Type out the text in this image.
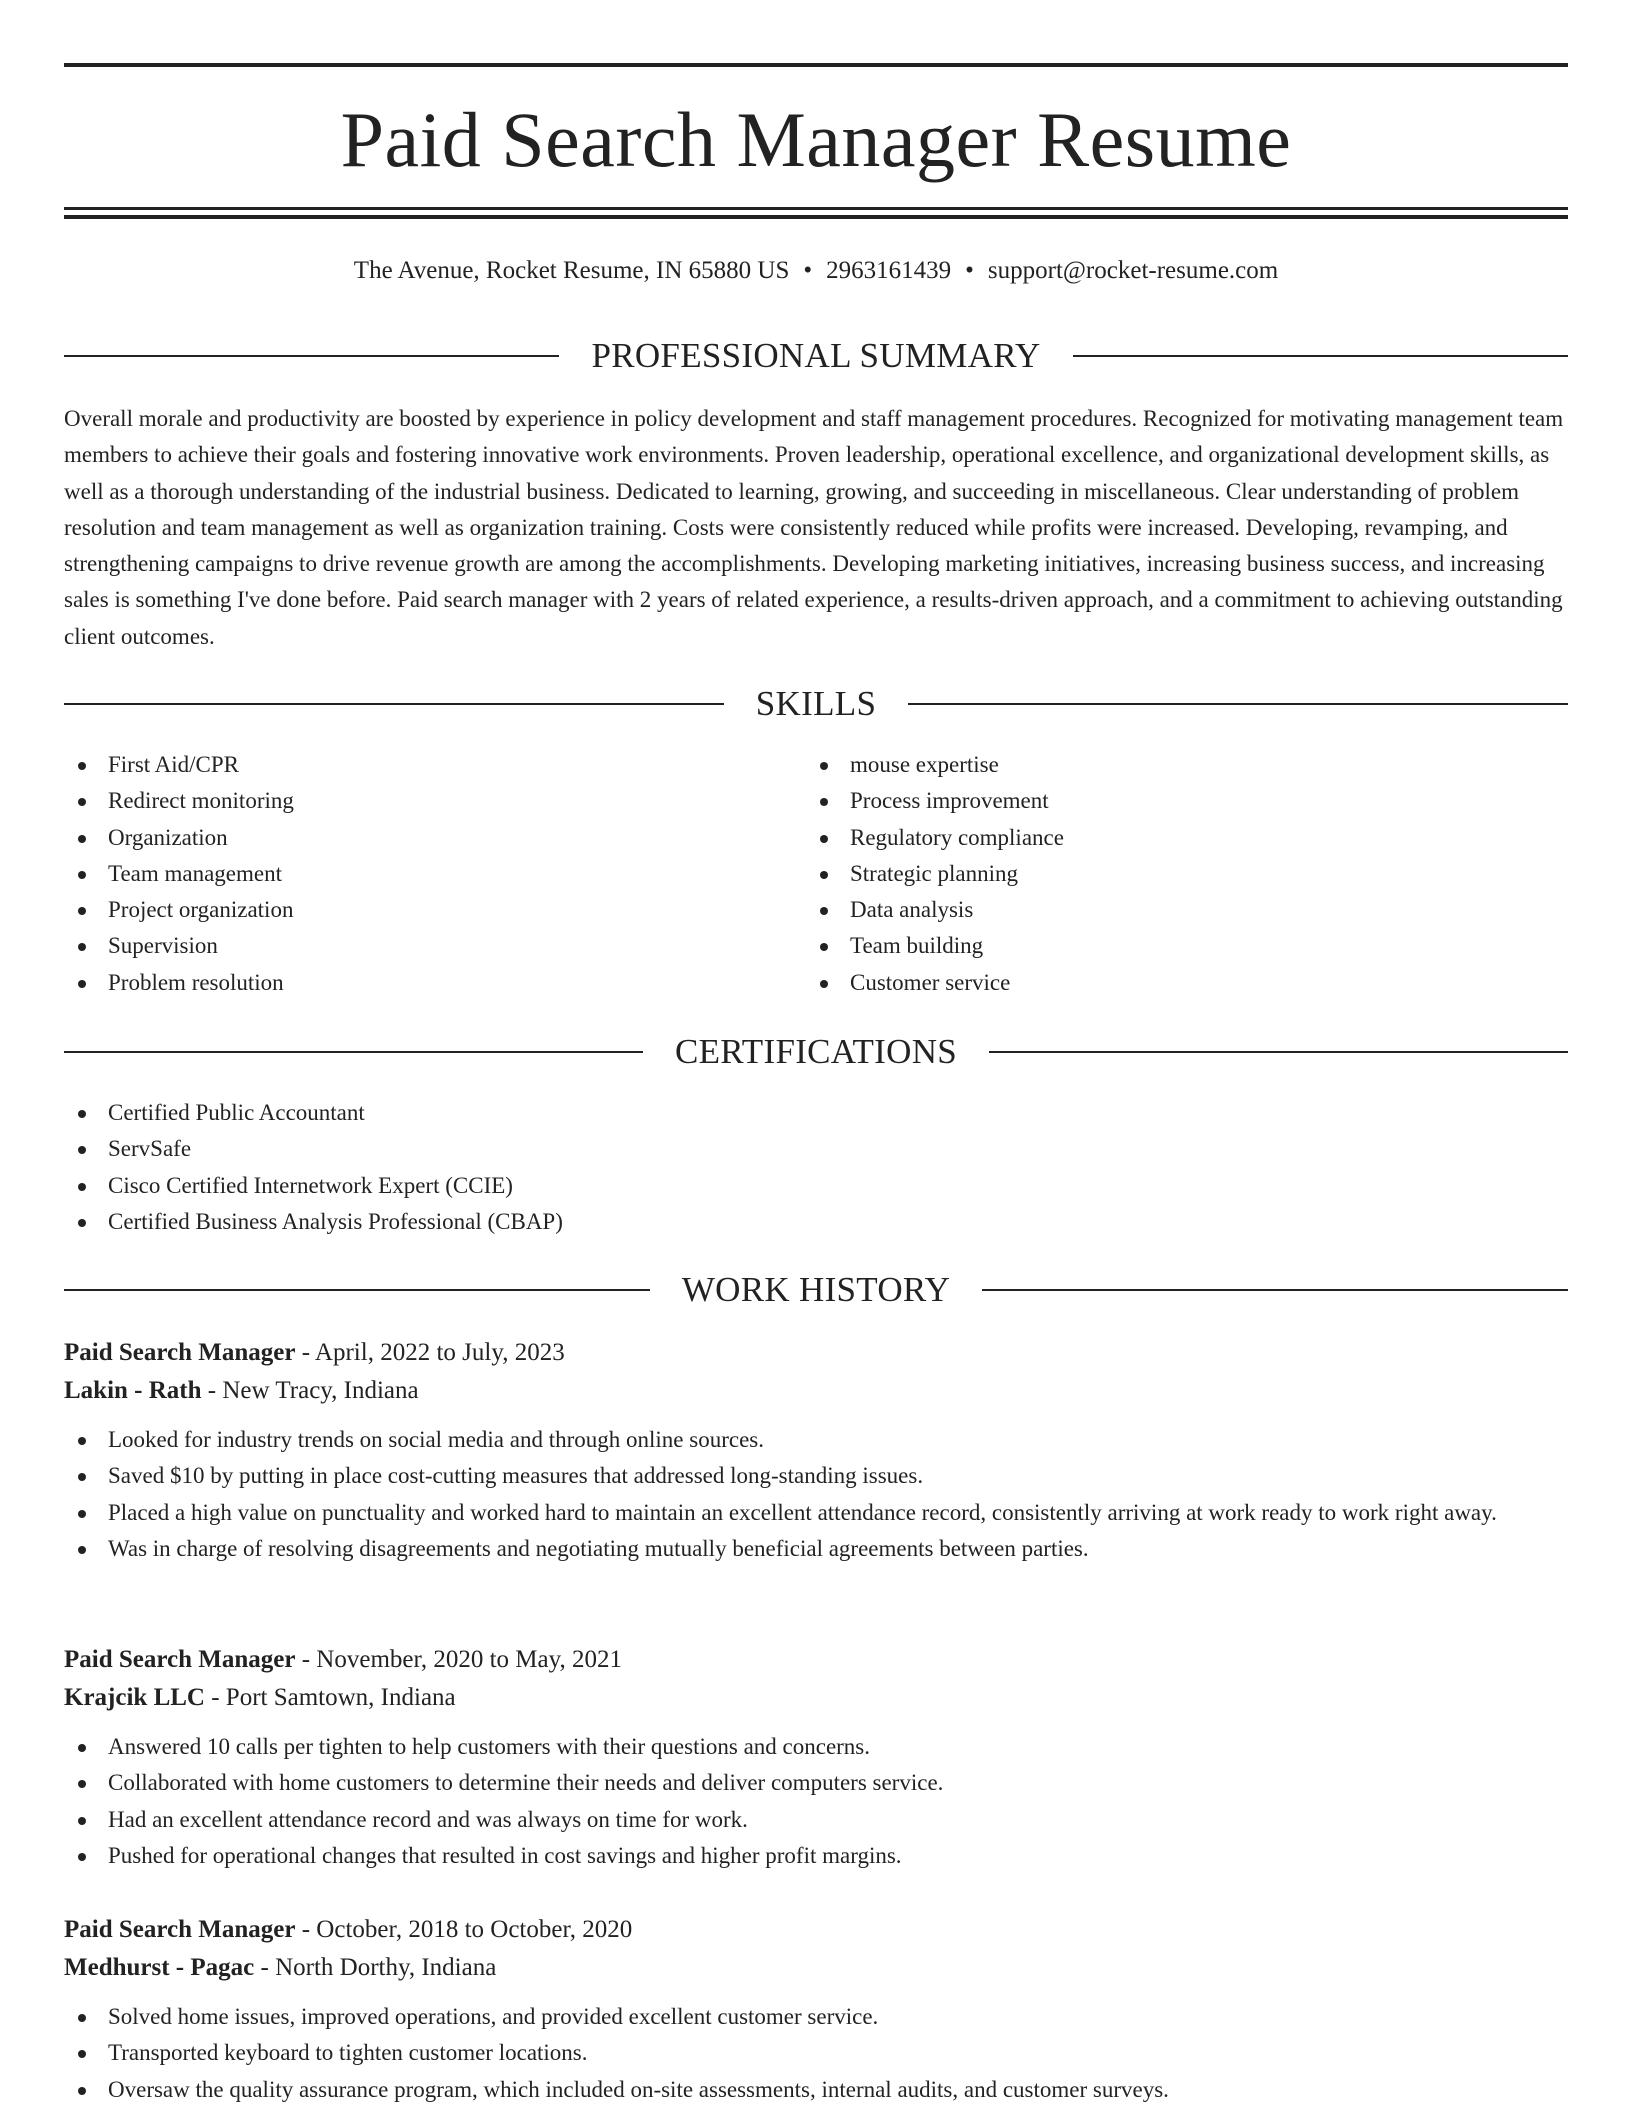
Paid Search Manager Resume
The Avenue, Rocket Resume, IN 65880 US • 2963161439 • support@rocket-resume.com
PROFESSIONAL SUMMARY

Overall morale and productivity are boosted by experience in policy development and staff management procedures. Recognized for motivating management team members to achieve their goals and fostering innovative work environments. Proven leadership, operational excellence, and organizational development skills, as well as a thorough understanding of the industrial business. Dedicated to learning, growing, and succeeding in miscellaneous. Clear understanding of problem resolution and team management as well as organization training. Costs were consistently reduced while profits were increased. Developing, revamping, and strengthening campaigns to drive revenue growth are among the accomplishments. Developing marketing initiatives, increasing business success, and increasing sales is something I've done before. Paid search manager with 2 years of related experience, a results-driven approach, and a commitment to achieving outstanding client outcomes.

SKILLS
First Aid/CPR
Redirect monitoring
Organization
Team management
Project organization
Supervision
Problem resolution
mouse expertise
Process improvement
Regulatory compliance
Strategic planning
Data analysis
Team building
Customer service
CERTIFICATIONS
Certified Public Accountant
ServSafe
Cisco Certified Internetwork Expert (CCIE)
Certified Business Analysis Professional (CBAP)
WORK HISTORY
Paid Search Manager - April, 2022 to July, 2023
Lakin - Rath - New Tracy, Indiana
Looked for industry trends on social media and through online sources.
Saved $10 by putting in place cost-cutting measures that addressed long-standing issues.
Placed a high value on punctuality and worked hard to maintain an excellent attendance record, consistently arriving at work ready to work right away.
Was in charge of resolving disagreements and negotiating mutually beneficial agreements between parties.
Paid Search Manager - November, 2020 to May, 2021
Krajcik LLC - Port Samtown, Indiana
Answered 10 calls per tighten to help customers with their questions and concerns.
Collaborated with home customers to determine their needs and deliver computers service.
Had an excellent attendance record and was always on time for work.
Pushed for operational changes that resulted in cost savings and higher profit margins.
Paid Search Manager - October, 2018 to October, 2020
Medhurst - Pagac - North Dorthy, Indiana
Solved home issues, improved operations, and provided excellent customer service.
Transported keyboard to tighten customer locations.
Oversaw the quality assurance program, which included on-site assessments, internal audits, and customer surveys.
